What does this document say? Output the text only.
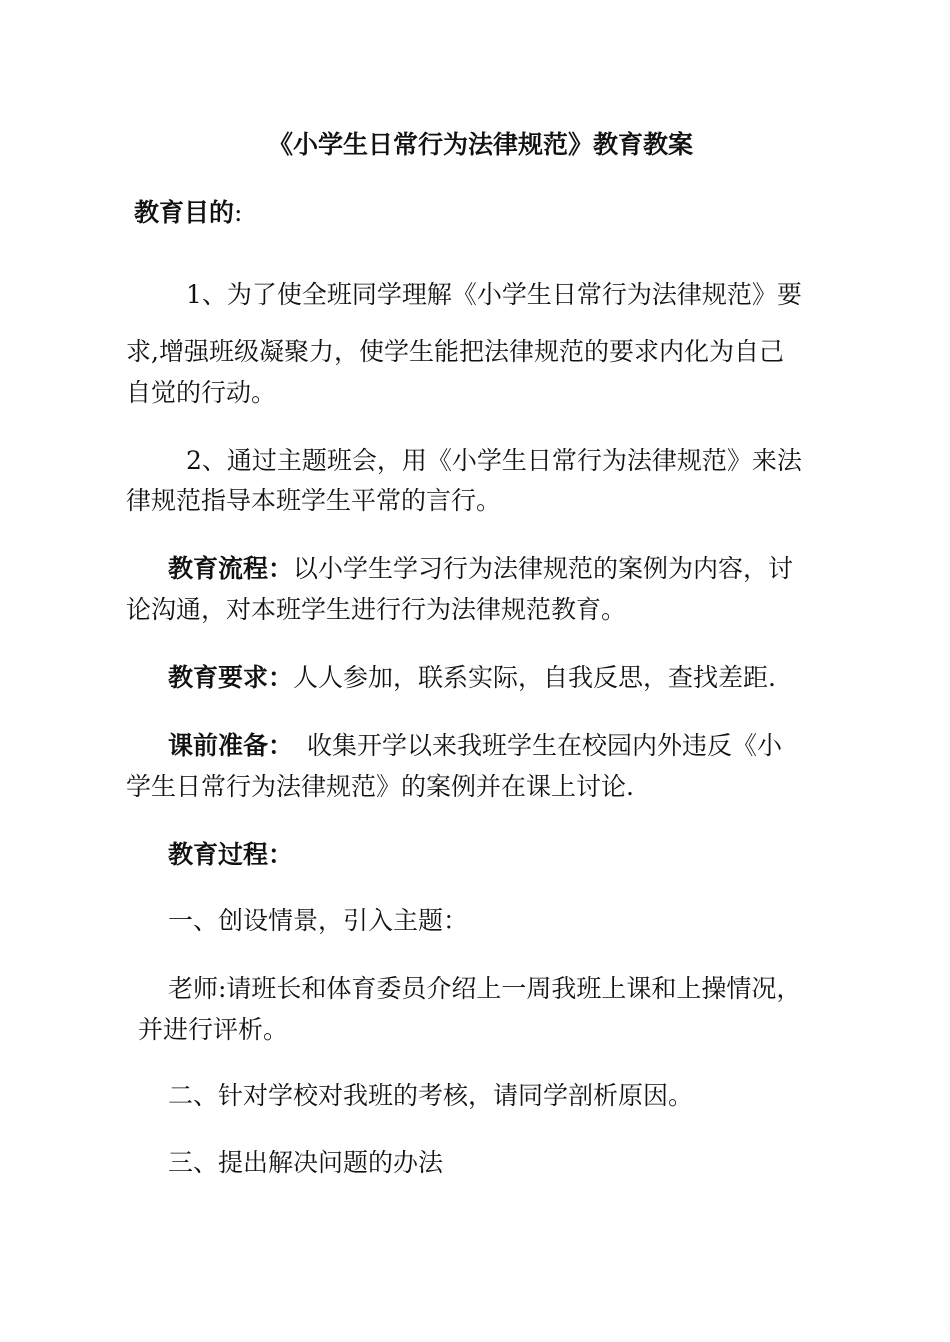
《小学生日常行为法律规范》教育教案
教育目的:
1、为了使全班同学理解《小学生日常行为法律规范》要
求,增强班级凝聚力，使学生能把法律规范的要求内化为自己
自觉的行动。
2、通过主题班会，用《小学生日常行为法律规范》来法
律规范指导本班学生平常的言行。
教育流程：以小学生学习行为法律规范的案例为内容，讨
论沟通，对本班学生进行行为法律规范教育。
教育要求：人人参加，联系实际，自我反思，查找差距.
课前准备： 收集开学以来我班学生在校园内外违反《小
学生日常行为法律规范》的案例并在课上讨论.
教育过程：
一、创设情景，引入主题：
老师:请班长和体育委员介绍上一周我班上课和上操情况，
并进行评析。
二、针对学校对我班的考核，请同学剖析原因。
三、提出解决问题的办法
